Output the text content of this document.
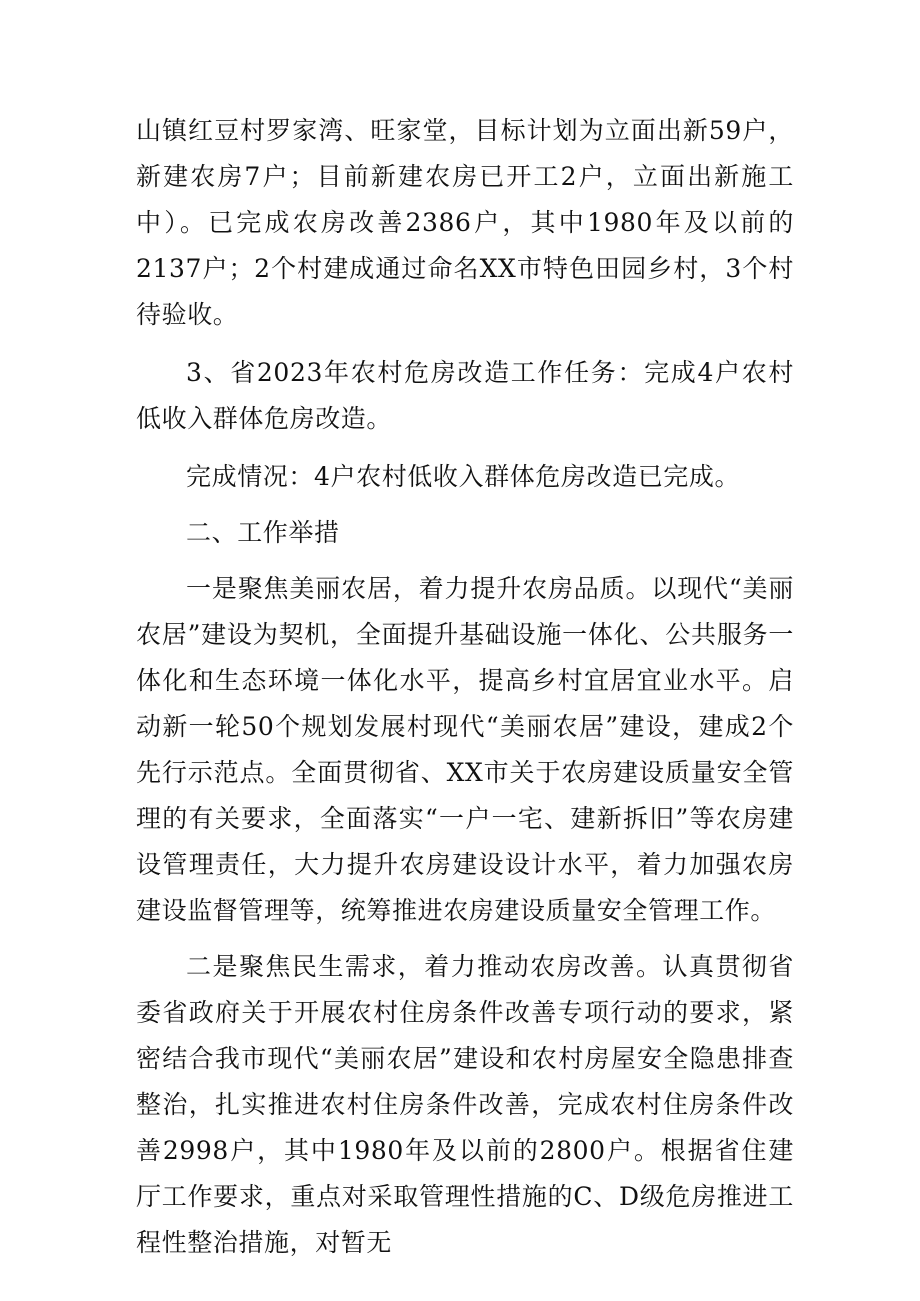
山镇红豆村罗家湾、旺家堂，目标计划为立面出新59户，新建农房7户；目前新建农房已开工2户，立面出新施工中）。已完成农房改善2386户，其中1980年及以前的2137户；2个村建成通过命名XX市特色田园乡村，3个村待验收。

3、省2023年农村危房改造工作任务：完成4户农村低收入群体危房改造。

完成情况：4户农村低收入群体危房改造已完成。

二、工作举措

一是聚焦美丽农居，着力提升农房品质。以现代“美丽农居”建设为契机，全面提升基础设施一体化、公共服务一体化和生态环境一体化水平，提高乡村宜居宜业水平。启动新一轮50个规划发展村现代“美丽农居”建设，建成2个先行示范点。全面贯彻省、XX市关于农房建设质量安全管理的有关要求，全面落实“一户一宅、建新拆旧”等农房建设管理责任，大力提升农房建设设计水平，着力加强农房建设监督管理等，统筹推进农房建设质量安全管理工作。

二是聚焦民生需求，着力推动农房改善。认真贯彻省委省政府关于开展农村住房条件改善专项行动的要求，紧密结合我市现代“美丽农居”建设和农村房屋安全隐患排查整治，扎实推进农村住房条件改善，完成农村住房条件改善2998户，其中1980年及以前的2800户。根据省住建厅工作要求，重点对采取管理性措施的C、D级危房推进工程性整治措施，对暂无
